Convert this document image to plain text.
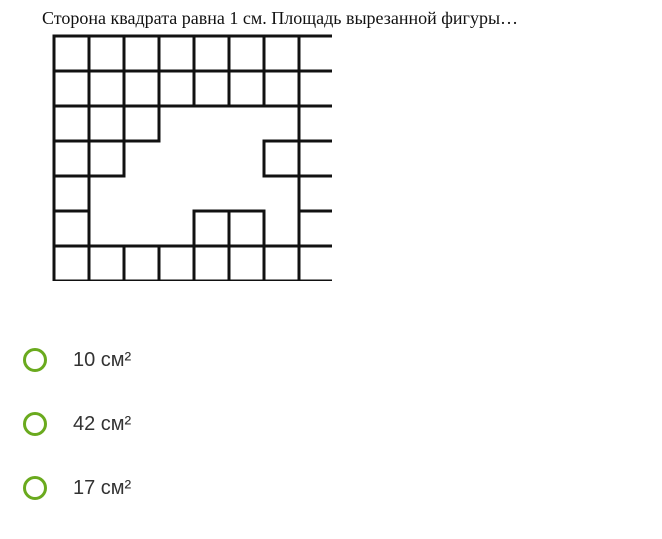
Сторона квадрата равна 1 см. Площадь вырезанной фигуры…
10 см²
42 см²
17 см²
